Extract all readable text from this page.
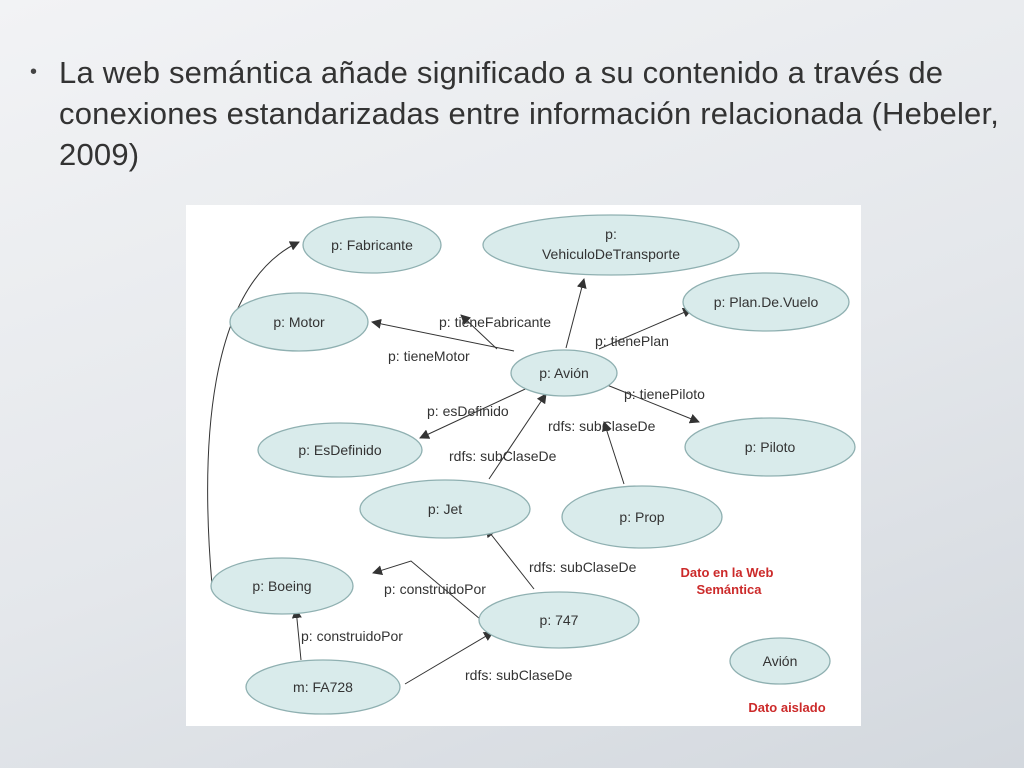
• La web semántica añade significado a su contenido a través de conexiones estandarizadas entre información relacionada (Hebeler, 2009)
p: Fabricante
p:
VehiculoDeTransporte
p: Motor
p: Plan.De.Vuelo
p: Avión
p: EsDefinido	p: Piloto
p: Jet	p: Prop
p: Boeing
p: 747
m: FA728
Avión
p: tieneFabricante
p: tieneMotor
p: tienePlan
p: tienePiloto
p: esDefinido
rdfs: subClaseDe
rdfs: subClaseDe
rdfs: subClaseDe
p: construidoPor
p: construidoPor
rdfs: subClaseDe
Dato en la Web
Semántica
Dato aislado
